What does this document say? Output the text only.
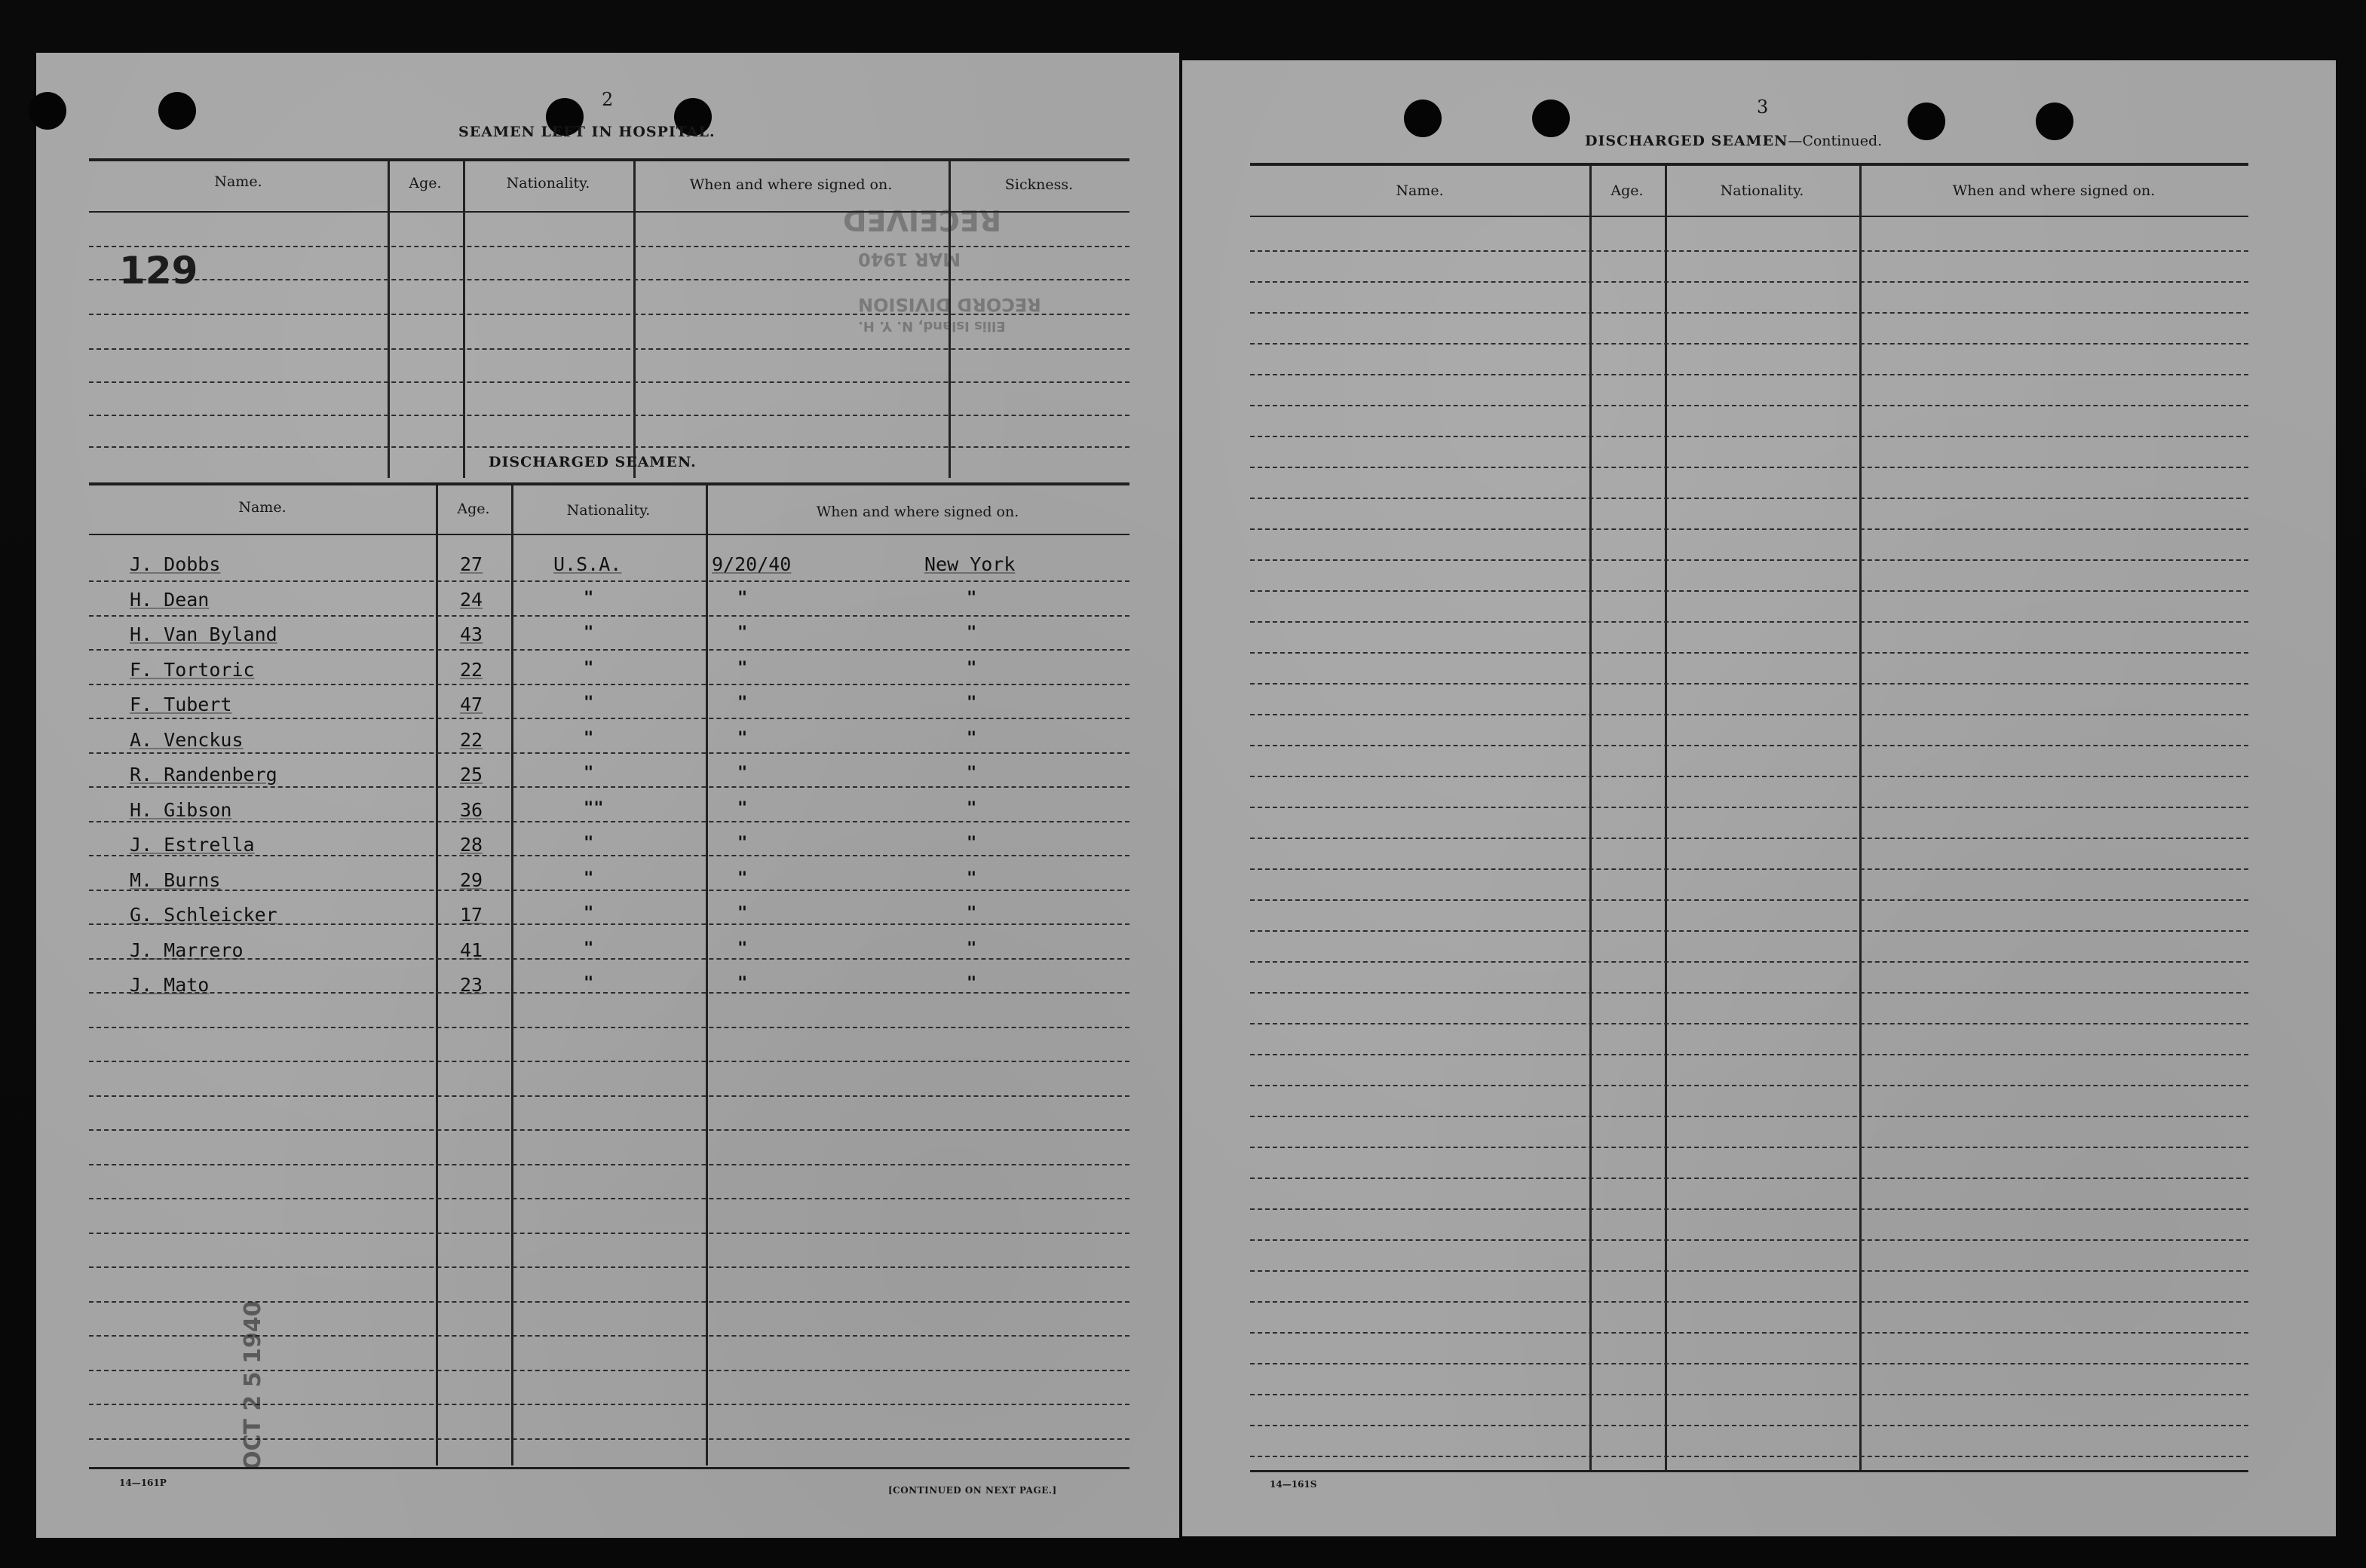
2
SEAMEN LEFT IN HOSPITAL.
Name.	Age.	Nationality.	When and where signed on.	Sickness.
129
RECEIVED
MAR 1940
RECORD DIVISION
Ellis Island, N. Y. H.
DISCHARGED SEAMEN.
Name.	Age.	Nationality.	When and where signed on.
J. Dobbs	27	U.S.A.	9/20/40	New York
H. Dean	24	"	"	"
H. Van Byland	43	"	"	"
F. Tortoric	22	"	"	"
F. Tubert	47	"	"	"
A. Venckus	22	"	"	"
R. Randenberg	25	"	"	"
H. Gibson	36	""	"	"
J. Estrella	28	"	"	"
M. Burns	29	"	"	"
G. Schleicker	17	"	"	"
J. Marrero	41	"	"	"
J. Mato	23	"	"	"
14—161P
[CONTINUED ON NEXT PAGE.]
OCT 2 5 1940
3
DISCHARGED SEAMEN—Continued.
Name.	Age.	Nationality.	When and where signed on.
14—161S
